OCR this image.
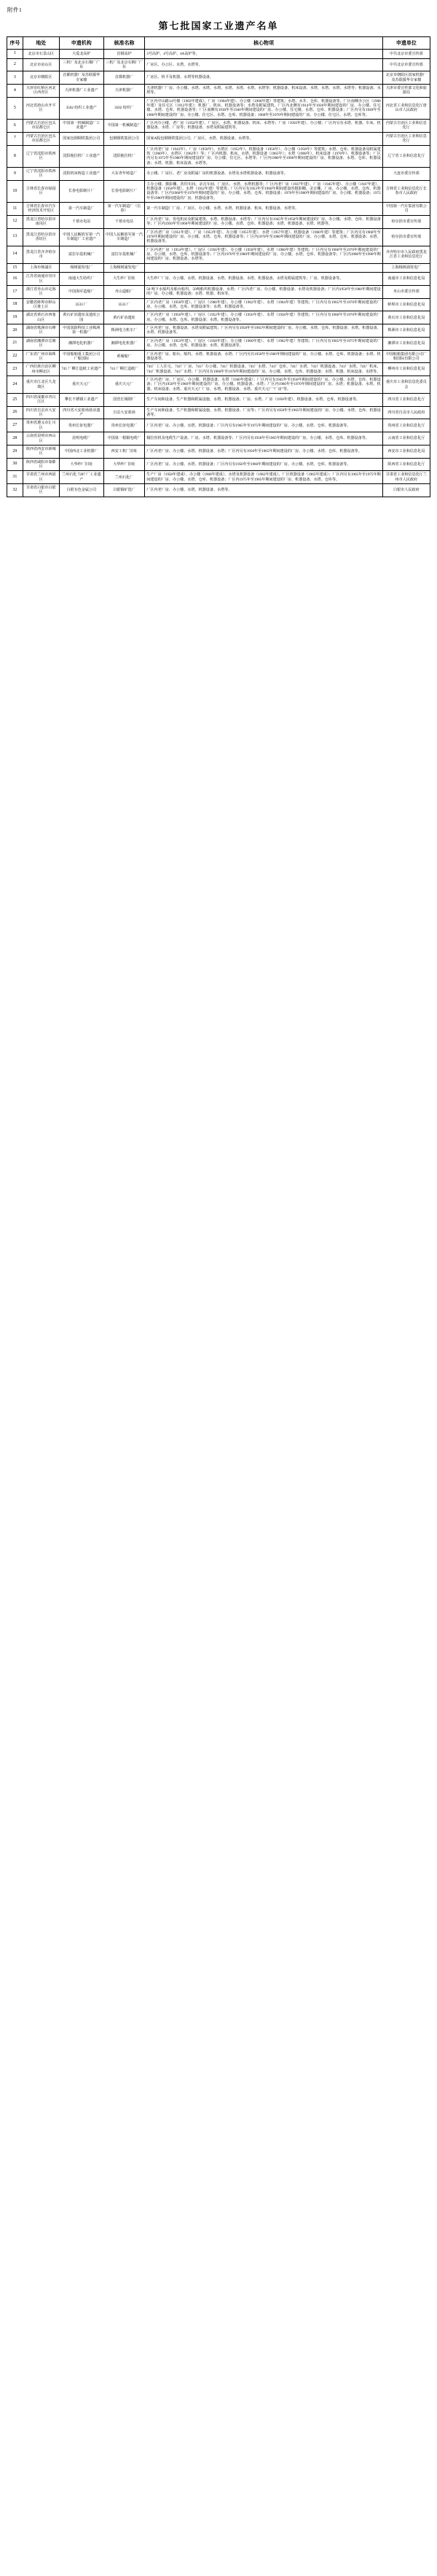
附件1
第七批国家工业遗产名单
序号	地处	申遗机构	核准名称	核心物项	申遗单位
1	北京市石景山区	大爱北高炉	首钢高炉	3号高炉、4号高炉、4A高炉等。	中共北京市委宣传部
2	北京市房山区	三机厂及北京石棉厂广东	三机厂及北京石棉厂广东	厂房区、办公区、水塔、水塔等。	中共北京市委宣传部
3	北京市朝阳区	首都机器厂及苏联援华专家楼	首都机器厂	厂房区、机平及机器、水塔等机器设备。	北京市朝阳区国家机器厂及苏联援华专家楼
4	天津市红桥区河北区西青区	天津机器厂工业遗产	天津机器厂	天津机器厂厂房、办公楼、水塔、水塔、水塔、水塔、水塔、水塔、水塔等；机器设备、机床设备、水塔、水塔、水塔、水塔等；机器设备、水塔等。	天津市委宣传部文化和旅游局
5	河北省唐山市开平区	3502 纺织工业遗产	3502 纺织厂	厂区内中山路14号楼（1902年建成）、厂房（1904年建）、办公楼（1906年建）等建筑；水塔、水井、仓库、机器设备等。厂区南侧办公区（1908年建）及住宅区（1912年建）；机器厂、机床、机器设备等；水塔及附属建筑。厂区内北侧有1914年至1920年期间建设的厂房、办公楼、住宅楼、水塔、仓库、机器设备等；厂区南侧有1930年至1940年期间建设的厂房、办公楼、住宅楼、水塔、仓库、机器设备；厂区内另有1949年至1960年期间建设的厂房、办公楼、住宅区、水塔、仓库、机器设备；1960年至1970年期间建设的厂房、办公楼、住宅区、水塔、仓库等。	河北省工业和信息化厅唐山市人民政府
6	内蒙古自治区包头市昆都仑区	中国第一机械制造厂工业遗产	中国第一机械制造厂	厂区内办公楼、老厂房（1954年建）、厂房区、水塔、机器设备、机床、水塔等；厂房（1956年建）、办公楼；厂区内另有水塔、机器、车床、机器设备、水塔、厂房等；机器设备、水塔及附属建筑等。	内蒙古自治区工业和信息化厅
7	内蒙古自治区包头市昆都仑区	国家包钢钢铁集团公司	包钢钢铁集团公司	国家A股包钢钢铁集团公司、厂房区、水塔、机器设备、水塔等。	内蒙古自治区工业和信息化厅
8	辽宁省沈阳市铁西区	沈阳拖拉机厂工业遗产	沈阳拖拉机厂	厂区内老厂房（1943年）、厂房（1950年）、水塔区（1952年）、机器设备（1956年）、办公楼（1958年）等建筑；水塔、仓库、机器设备及附属建筑（1960年）、水塔区（1962年）等；厂区内机器、机床、水塔、机器设备（1965年）；水塔（1968年）、机床设备（1970年）、机器设备等；厂区内另有1972年至1980年期间建设的厂房、办公楼、住宅区、水塔等；厂区内1980年至1990年期间建设的厂房、机器设备、水塔、仓库、机器设备；水塔、机器、机床设备、水塔等。	辽宁省工业和信息化厅
9	辽宁省沈阳市铁西区	沈阳机床铸造工业遗产	大东青年铸造厂	办公楼、厂房区、老厂房及附属厂房的机器设备、水塔及水塔机器设备、机器设备等。	大连市委宣传部
10	吉林省长春市绿园区	长春电影制片厂	长春电影制片厂	主办公楼、摄影棚、洗印车间、录音车间、厂房区、水塔、水塔机器等；厂区内老厂房（1937年建）、厂房（1945年建）、办公楼（1947年建）、机器设备（1950年建）、水塔（1952年建）等建筑；厂区内另有1953年至1960年期间建设的摄影棚、录音棚、厂房、办公楼、水塔、仓库、机器设备等；厂区内1960年至1970年期间建设的厂房、办公楼、水塔、仓库、机器设备；1970年至1980年期间建设的厂房、办公楼、机器设备；1972年至1980年期间建设的厂房、机器设备等。	吉林省工业和信息化厅长春市人民政府
11	吉林省长春市汽车经济技术开发区	第一汽车制造厂	第一汽车制造厂（长春）	第一汽车制造厂厂房、厂房区、办公楼、水塔、水塔、机器设备、机床、机器设备、水塔等。	中国第一汽车集团有限公司
12	黑龙江省哈尔滨市南岗区	千禧水电站	千禧水电站	厂区内老厂房、发电机房及附属建筑、水塔、机器设备、水塔等；厂区内另有1945年至1950年期间建设的厂房、办公楼、水塔、仓库、机器设备等；厂区内1950年至1960年期间建设的厂房、办公楼、水塔、仓库、机器设备；水塔、机器设备、水塔、机器等。	哈尔滨市委宣传部
13	黑龙江省哈尔滨市香坊区	中国人民解放军第一汽车制造厂工业遗产	中国人民解放军第一汽车制造厂	厂区内老厂房（1951年建）、厂房（1953年建）、办公楼（1955年建）、水塔（1957年建）、机器设备（1960年建）等建筑；厂区内另有1960年至1970年期间建设的厂房、办公楼、水塔、仓库、机器设备等；厂区内1970年至1980年期间建设的厂房、办公楼、水塔、仓库、机器设备；水塔、机器设备等。	哈尔滨市委宣传部
14	黑龙江省齐齐哈尔市	富拉尔基机械厂	富拉尔基机械厂	厂区内老厂房（1954年建）、厂房区（1956年建）、办公楼（1958年建）、水塔（1960年建）等建筑；厂区内另有1960年至1970年期间建设的厂房、办公楼、水塔、仓库、机器设备等；厂区内1970年至1980年期间建设的厂房、办公楼、水塔、仓库、机器设备等；厂区内1980年至1990年期间建设的厂房、机器设备、水塔等。	齐齐哈尔市人民政府黑龙江省工业和信息化厅
15	上海市杨浦区	杨树浦发电厂	上海杨树浦发电厂		上海杨树浦发电厂
16	江苏省南通市崇川区	南通大生纺织厂	大生纱厂旧址	大生纱厂厂房、办公楼、水塔、机器设备、水塔、机器设备、水塔、机器设备、水塔及附属建筑等；厂房、机器设备等。	南通市工业和信息化局
17	浙江省舟山市定海区	中国海军造船厂	舟山造船厂	50 吨下水船坞及船台船坞、50吨船坞机器设备、水塔；厂区内老厂房、办公楼、机器设备、水塔及机器设备；厂区内1950年至1960年期间建设的厂房、办公楼、机器设备；水塔、机器、机床等。	舟山市委宣传部
18	安徽省蚌埠市蚌山区淮上区	3533 厂	3533 厂	厂区内老厂房（1958年建）、厂房区（1960年建）、办公楼（1962年建）、水塔（1964年建）等建筑；厂区内另有1965年至1970年期间建设的厂房、办公楼、水塔、仓库、机器设备等；水塔、机器设备等。	蚌埠市工业和信息化局
19	湖北省黄石市西塞山区	黄石矿冶遗址及遗址公园	黄石矿冶遗址	厂区内老厂房（1950年建）、厂房区（1952年建）、办公楼（1956年建）、水塔（1958年建）等建筑；厂区内另有1960年至1970年期间建设的厂房、办公楼、水塔、仓库、机器设备；水塔、机器设备等。	黄石市工业和信息化局
20	湖南省株洲市石峰区	中国国防科技工业株洲第一机器厂	株洲电力机车厂	厂区内老厂房、机器设备、水塔及附属建筑；厂区内另有1958年至1965年期间建设的厂房、办公楼、水塔、仓库、机器设备；水塔、机器设备、水塔、机器设备等。	株洲市工业和信息化局
21	湖南省湘潭市岳塘区	湘潭电化机器厂	湘潭电化机器厂	厂区内老厂房（1953年建）、厂房区（1958年建）、办公楼（1960年建）、水塔（1962年建）等建筑；厂区内另有1965年至1975年期间建设的厂房、办公楼、水塔、仓库、机器设备；水塔、机器设备等。	湘潭市工业和信息化局
22	广东省广州市海珠区	中国船舶重工集团公司广船国际	黄埔船厂	厂区内老厂房、船台、船坞、水塔、机器设备、水塔；厂区内另有1950年至1960年期间建设的厂房、办公楼、水塔、仓库、机器设备；水塔、机器设备等。	中国船舶集团有限公司广船国际有限公司
23	广西壮族自治区柳州市柳北区	741 厂柳江造纸工业遗产	741 厂柳江造纸厂	741厂工人住宅、741厂厂房、741厂办公楼、741厂机器设备、741厂水塔、741厂仓库、741厂水塔、741厂机器设备、741厂水塔、741厂机床、741厂机器设备、741厂水塔；厂区内另有1960年至1970年期间建设的厂房、办公楼、水塔、仓库、机器设备；水塔、机器、机床设备、水塔等。	柳州市工业和信息化局
24	重庆市江北区九龙坡区	重庆天元厂	重庆天元厂	厂区内老厂房、厂房区、办公楼、机器设备、水塔（1940年建成）；厂区内另有1945年至1950年期间建设的厂房、办公楼、水塔、仓库、机器设备；厂区内1950年至1960年期间建设的厂房、办公楼、机器设备、水塔；厂区内1960年至1970年期间建设的厂房、水塔；机器设备、水塔、机器、机床设备、水塔、重庆天元厂厂房、水塔、机器设备、水塔、重庆天元厂"厂房"等。	重庆市工业和信息化委员会
25	四川省成都市青白江区	攀长不锈钢工业遗产	国营长城钢厂	生产车间和设备、生产机器和附属设施、水塔、机器设备、厂房、水塔、厂房（1958年建）、机器设备、水塔、仓库、机器设备等。	四川省工业和信息化厅
26	四川省自贡市大安区	四川省大安盐场盐业遗产	自贡大安盐场	生产车间和设备、生产机器和附属设施、水塔、机器设备、厂房等；厂区内另有1958年至1965年期间建设的厂房、办公楼、水塔、仓库、机器设备等。	四川省自贡市人民政府
27	贵州省遵义市汇川区	贵州长征电器厂	贵州长征电器厂	厂区内老厂房、办公楼、水塔、机器设备；厂区内另有1965年至1975年期间建设的厂房、办公楼、水塔、仓库、机器设备等。	贵州省工业和信息化厅
28	云南省昆明市西山区	昆明电缆厂	中国第一根铜电缆厂	铜拉丝机及电缆生产设备、厂房、水塔、机器设备等；厂区内另有1958年至1965年期间建设的厂房、办公楼、水塔、仓库、机器设备等。	云南省工业和信息化厅
29	陕西省西安市新城区	中国西北工业机器厂	西安工机厂旧址	厂区内老厂房、办公楼、水塔、机器设备、水塔；厂区内另有1958年至1965年期间建设的厂房、办公楼、水塔、仓库、机器设备等。	西安市工业和信息化局
30	陕西省咸阳市秦都区	大华纱厂旧址	大华纱厂旧址	厂区内老厂房、办公楼、水塔、机器设备；厂区内另有1950年至1960年期间建设的厂房、办公楼、水塔、仓库、机器设备等。	陕西省工业和信息化厅
31	甘肃省兰州市西固区	兰州石化 7207 厂工业遗产	兰州石化厂	生产厂房（1958年建成）、办公楼（1960年建成）、水塔及机器设备（1962年建成）、厂区机器设备（1965年建成）；厂区内另有1965年至1975年期间建设的厂房、办公楼、水塔、仓库、机器设备；厂区内1975年至1985年期间建设的厂房、机器设备、水塔、仓库等。	甘肃省工业和信息化厅兰州市人民政府
32	甘肃省白银市白银区	白银有色金属公司	白银铜矿选厂	厂区内老厂房、办公楼、水塔、机器设备、水塔等。	白银市人民政府
